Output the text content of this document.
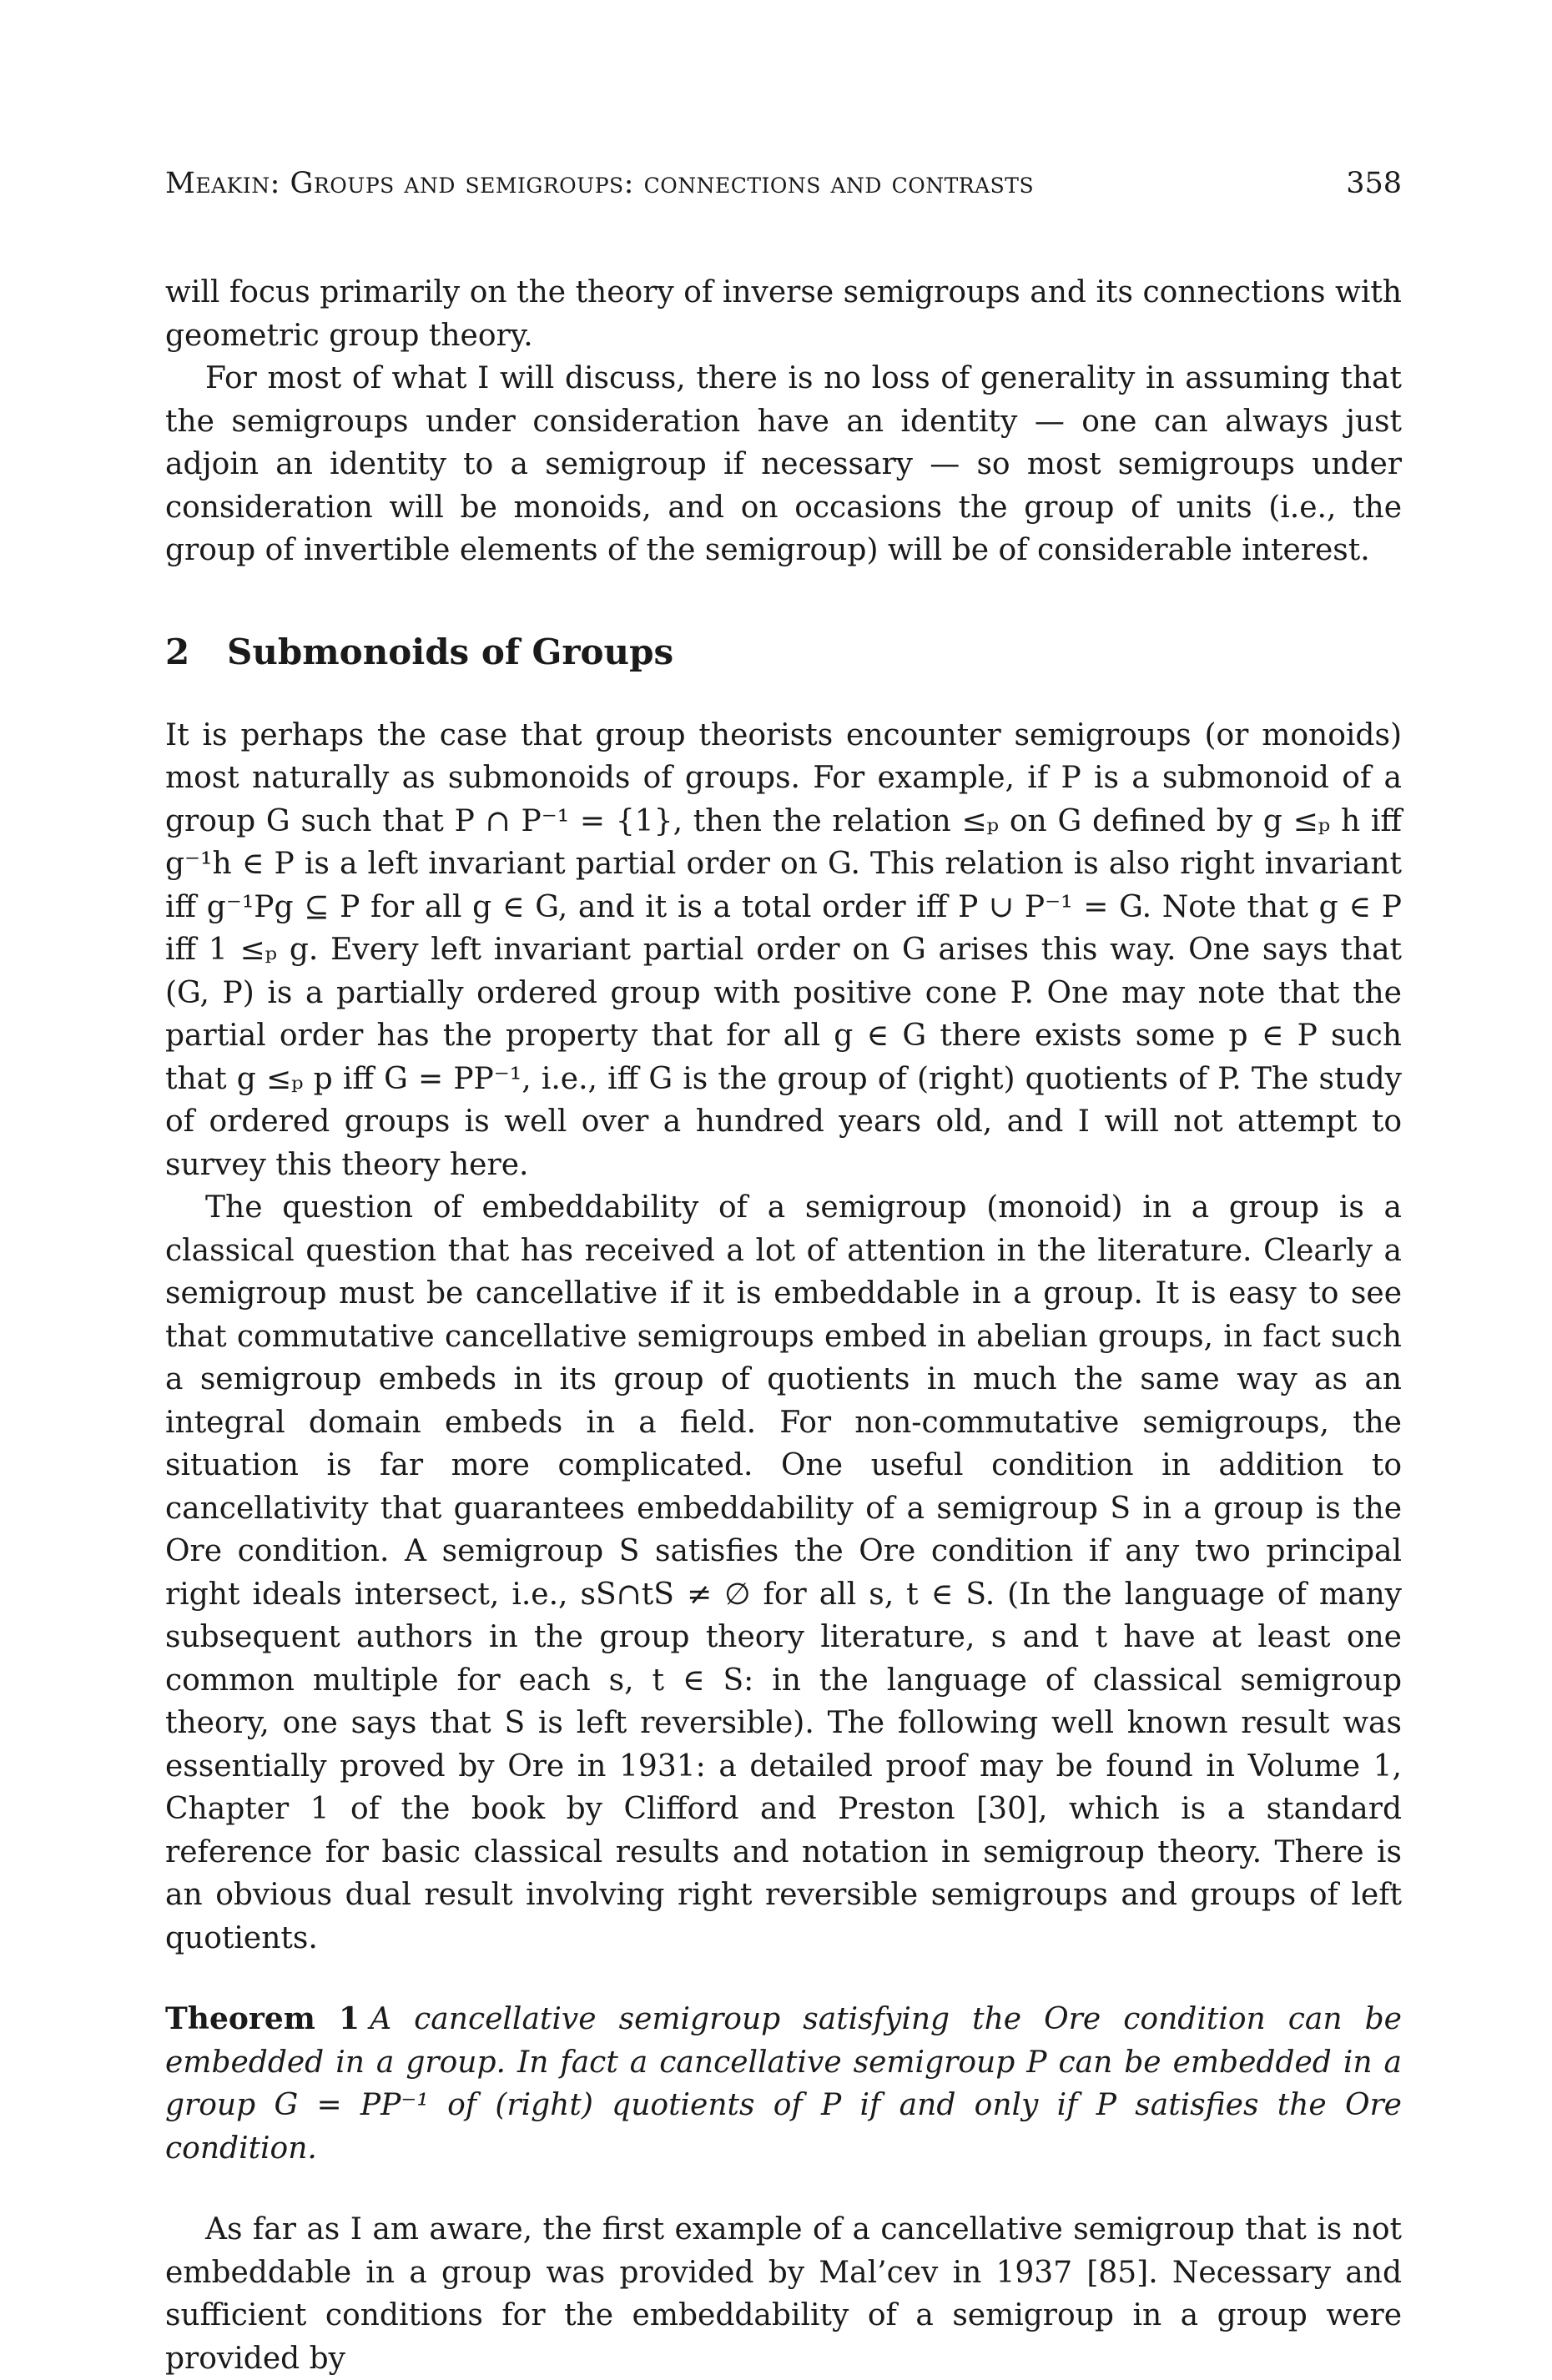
Meakin: Groups and semigroups: connections and contrasts	358

will focus primarily on the theory of inverse semigroups and its connections with geometric group theory.

For most of what I will discuss, there is no loss of generality in assuming that the semigroups under consideration have an identity — one can always just adjoin an identity to a semigroup if necessary — so most semigroups under consideration will be monoids, and on occasions the group of units (i.e., the group of invertible elements of the semigroup) will be of considerable interest.

2 Submonoids of Groups

It is perhaps the case that group theorists encounter semigroups (or monoids) most naturally as submonoids of groups. For example, if P is a submonoid of a group G such that P ∩ P⁻¹ = {1}, then the relation ≤ₚ on G defined by g ≤ₚ h iff g⁻¹h ∈ P is a left invariant partial order on G. This relation is also right invariant iff g⁻¹Pg ⊆ P for all g ∈ G, and it is a total order iff P ∪ P⁻¹ = G. Note that g ∈ P iff 1 ≤ₚ g. Every left invariant partial order on G arises this way. One says that (G, P) is a partially ordered group with positive cone P. One may note that the partial order has the property that for all g ∈ G there exists some p ∈ P such that g ≤ₚ p iff G = PP⁻¹, i.e., iff G is the group of (right) quotients of P. The study of ordered groups is well over a hundred years old, and I will not attempt to survey this theory here.

The question of embeddability of a semigroup (monoid) in a group is a classical question that has received a lot of attention in the literature. Clearly a semigroup must be cancellative if it is embeddable in a group. It is easy to see that commutative cancellative semigroups embed in abelian groups, in fact such a semigroup embeds in its group of quotients in much the same way as an integral domain embeds in a field. For non-commutative semigroups, the situation is far more complicated. One useful condition in addition to cancellativity that guarantees embeddability of a semigroup S in a group is the Ore condition. A semigroup S satisfies the Ore condition if any two principal right ideals intersect, i.e., sS∩tS ≠ ∅ for all s, t ∈ S. (In the language of many subsequent authors in the group theory literature, s and t have at least one common multiple for each s, t ∈ S: in the language of classical semigroup theory, one says that S is left reversible). The following well known result was essentially proved by Ore in 1931: a detailed proof may be found in Volume 1, Chapter 1 of the book by Clifford and Preston [30], which is a standard reference for basic classical results and notation in semigroup theory. There is an obvious dual result involving right reversible semigroups and groups of left quotients.

Theorem 1 A cancellative semigroup satisfying the Ore condition can be embedded in a group. In fact a cancellative semigroup P can be embedded in a group G = PP⁻¹ of (right) quotients of P if and only if P satisfies the Ore condition.

As far as I am aware, the first example of a cancellative semigroup that is not embeddable in a group was provided by Mal’cev in 1937 [85]. Necessary and sufficient conditions for the embeddability of a semigroup in a group were provided by
